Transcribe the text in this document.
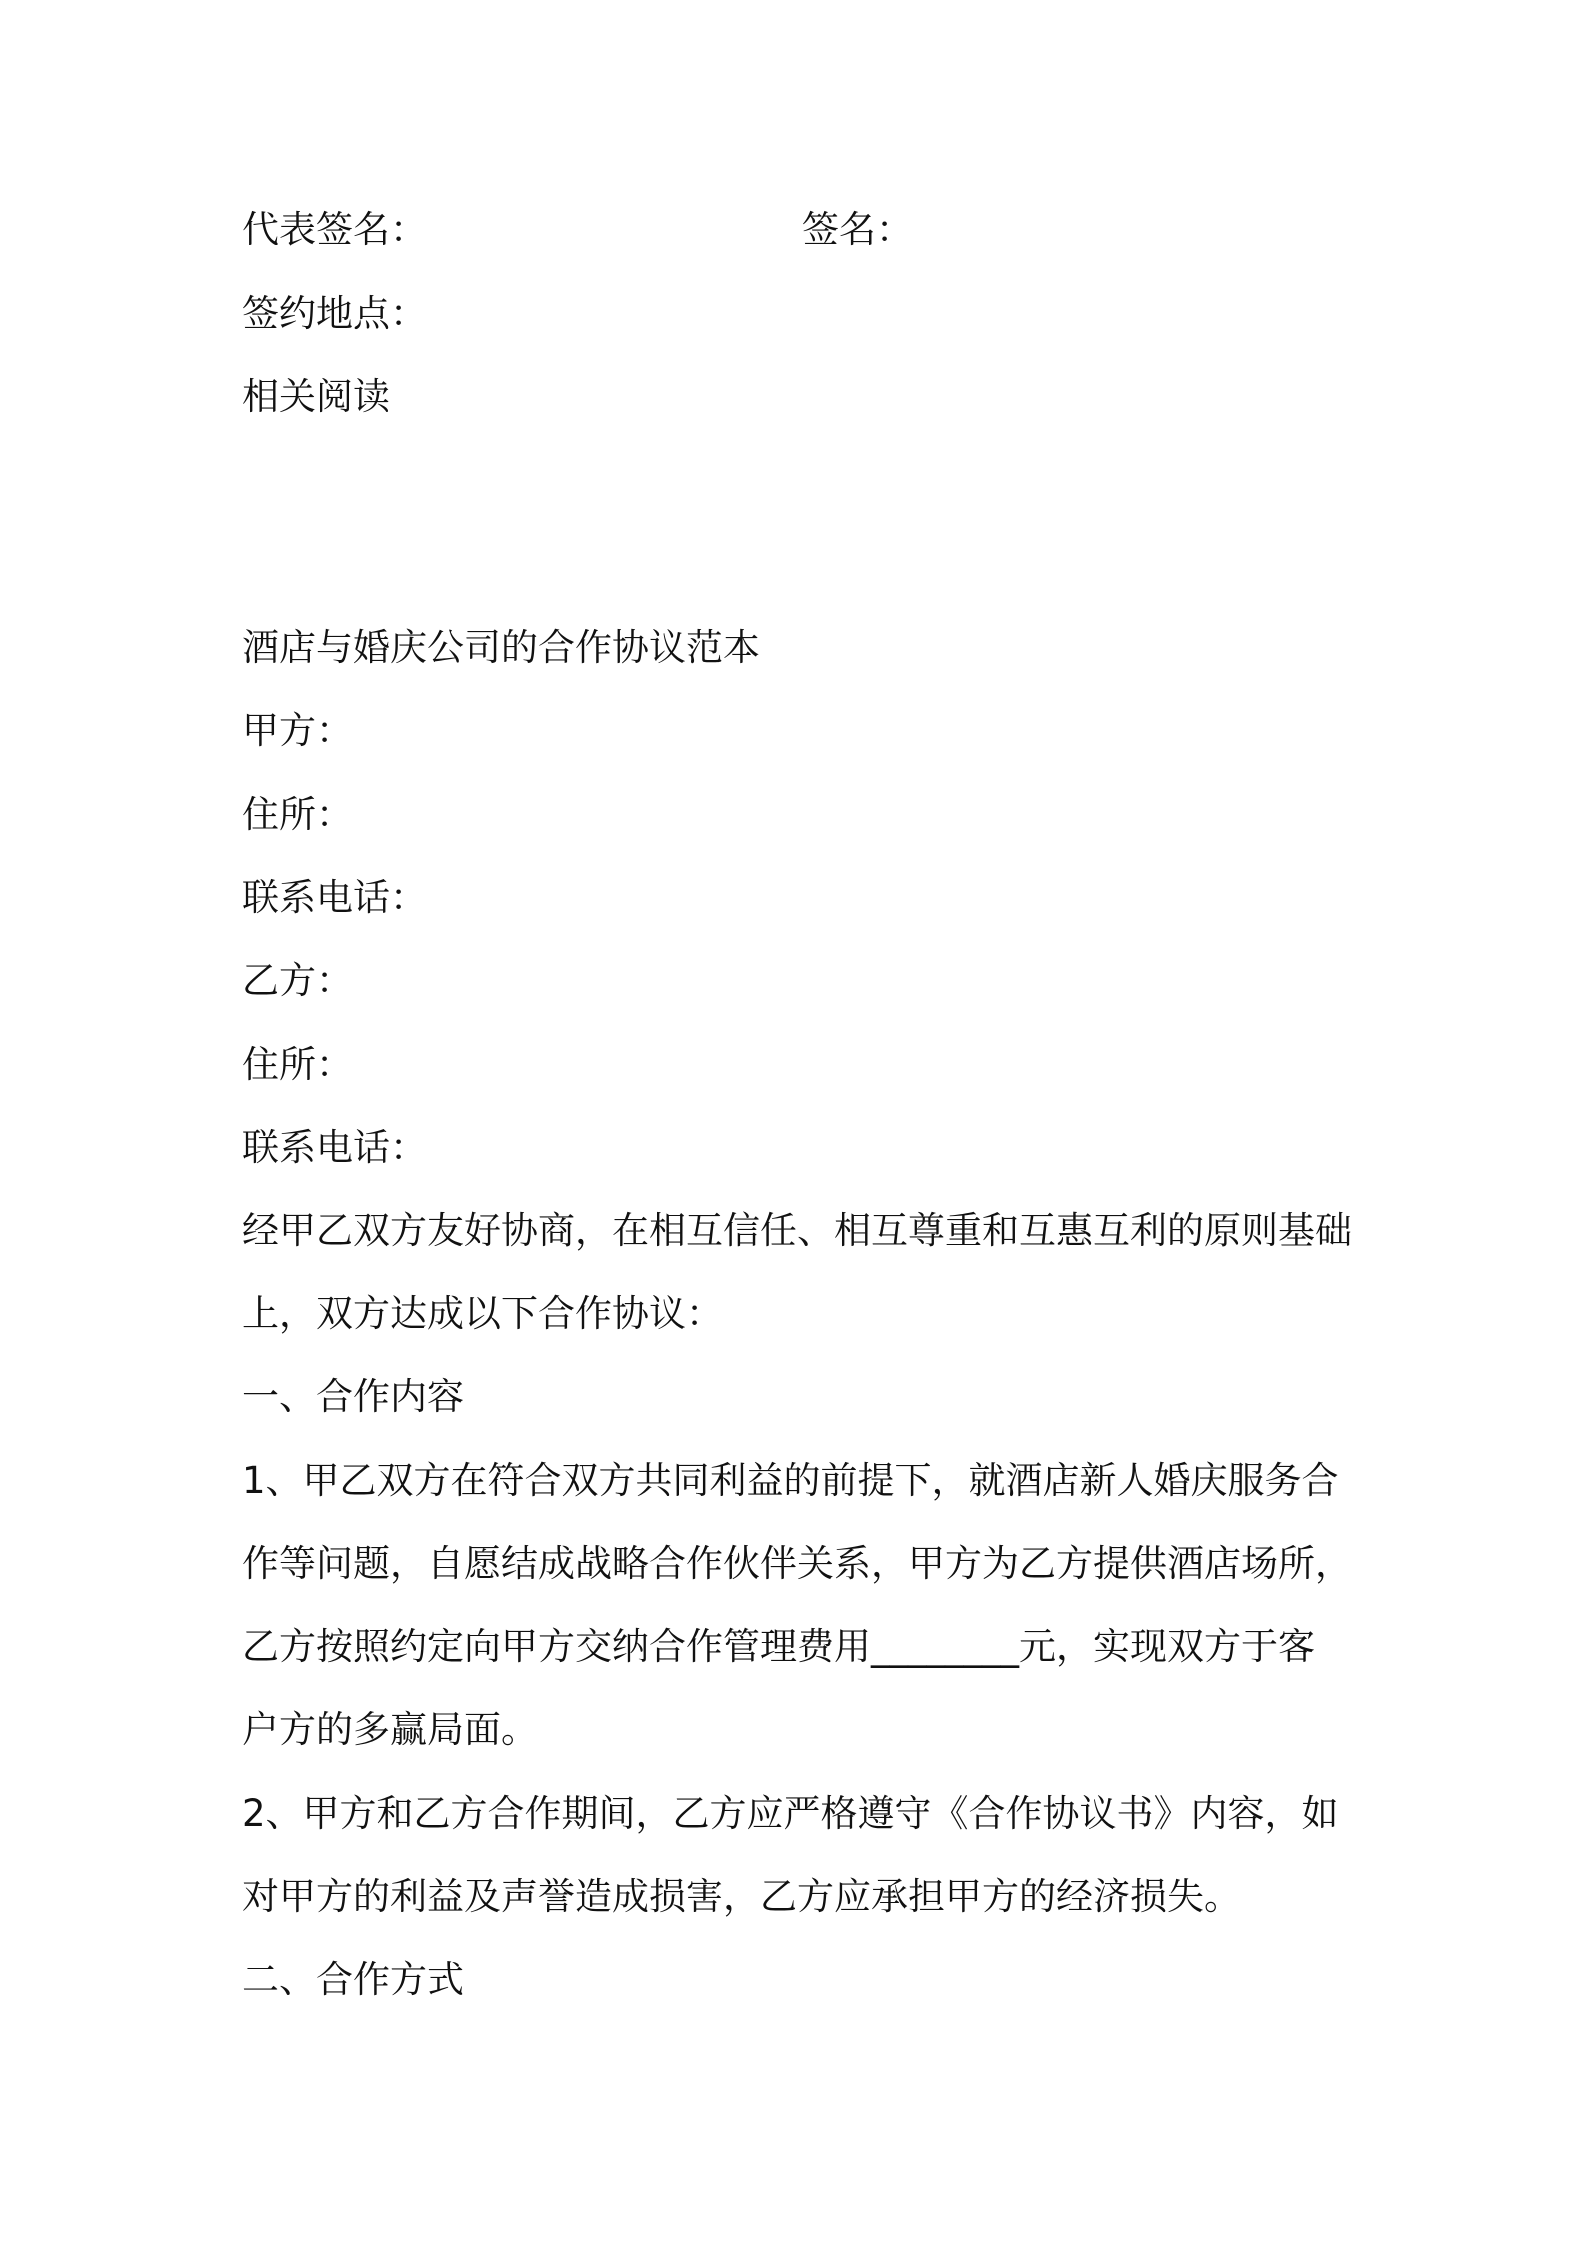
代表签名：	签名：
签约地点：
相关阅读
酒店与婚庆公司的合作协议范本
甲方：
住所：
联系电话：
乙方：
住所：
联系电话：
经甲乙双方友好协商，在相互信任、相互尊重和互惠互利的原则基础
上，双方达成以下合作协议：
一、合作内容
1、甲乙双方在符合双方共同利益的前提下，就酒店新人婚庆服务合
作等问题，自愿结成战略合作伙伴关系，甲方为乙方提供酒店场所，
乙方按照约定向甲方交纳合作管理费用________元，实现双方于客
户方的多赢局面。
2、甲方和乙方合作期间，乙方应严格遵守《合作协议书》内容，如
对甲方的利益及声誉造成损害，乙方应承担甲方的经济损失。
二、合作方式
